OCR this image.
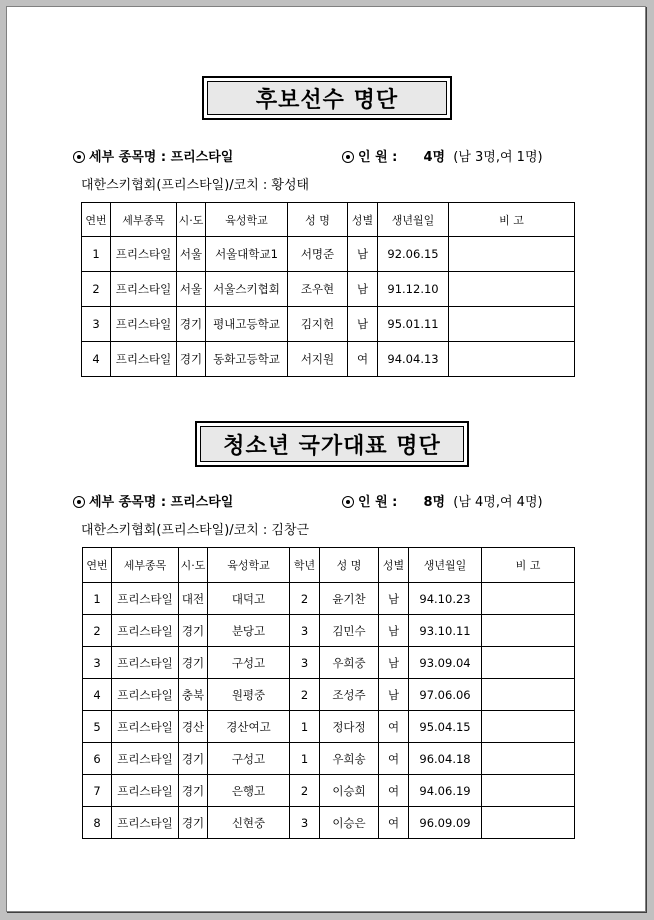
후보선수 명단
세부 종목명 : 프리스타일	인 원 : 4명 (남 3명,여 1명)
대한스키협회(프리스타일)/코치 : 황성태
연번	세부종목	시·도	육성학교	성 명	성별	생년월일	비 고
1	프리스타일	서울	서울대학교1	서명준	남	92.06.15	
2	프리스타일	서울	서울스키협회	조우현	남	91.12.10	
3	프리스타일	경기	평내고등학교	김지헌	남	95.01.11	
4	프리스타일	경기	동화고등학교	서지원	여	94.04.13	
청소년 국가대표 명단
세부 종목명 : 프리스타일	인 원 : 8명 (남 4명,여 4명)
대한스키협회(프리스타일)/코치 : 김창근
연번	세부종목	시·도	육성학교	학년	성 명	성별	생년월일	비 고
1	프리스타일	대전	대덕고	2	윤기찬	남	94.10.23	
2	프리스타일	경기	분당고	3	김민수	남	93.10.11	
3	프리스타일	경기	구성고	3	우희중	남	93.09.04	
4	프리스타일	충북	원평중	2	조성주	남	97.06.06	
5	프리스타일	경산	경산여고	1	정다정	여	95.04.15	
6	프리스타일	경기	구성고	1	우희송	여	96.04.18	
7	프리스타일	경기	은행고	2	이승희	여	94.06.19	
8	프리스타일	경기	신현중	3	이승은	여	96.09.09	
